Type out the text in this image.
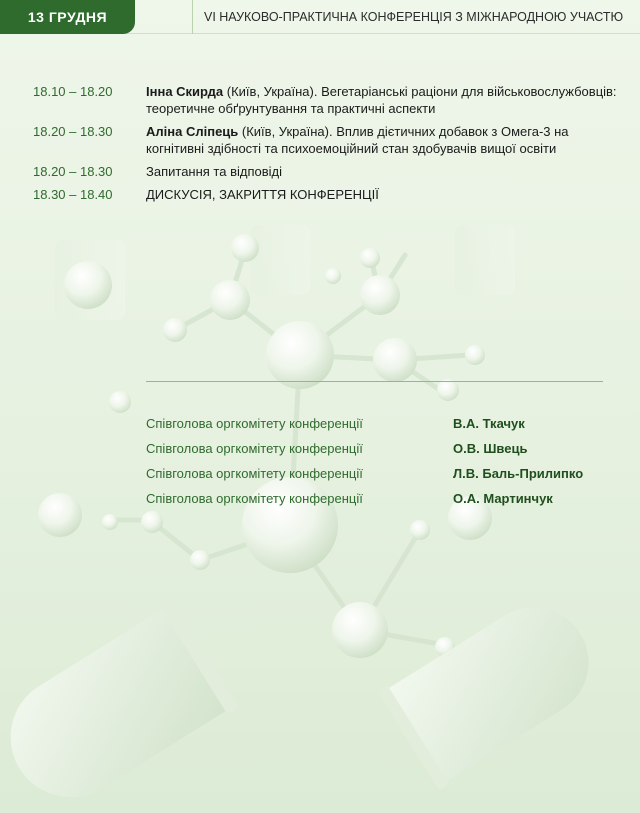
13 ГРУДНЯ	VI НАУКОВО-ПРАКТИЧНА КОНФЕРЕНЦІЯ З МІЖНАРОДНОЮ УЧАСТЮ
18.10 – 18.20	Інна Скирда (Київ, Україна). Вегетаріанські раціони для військовослужбовців: теоретичне обґрунтування та практичні аспекти
18.20 – 18.30	Аліна Сліпець (Київ, Україна). Вплив дієтичних добавок з Омега-3 на когнітивні здібності та психоемоційний стан здобувачів вищої освіти
18.20 – 18.30	Запитання та відповіді
18.30 – 18.40	ДИСКУСІЯ, ЗАКРИТТЯ КОНФЕРЕНЦІЇ
Співголова оргкомітету конференції	В.А. Ткачук
Співголова оргкомітету конференції	О.В. Швець
Співголова оргкомітету конференції	Л.В. Баль-Прилипко
Співголова оргкомітету конференції	О.А. Мартинчук
